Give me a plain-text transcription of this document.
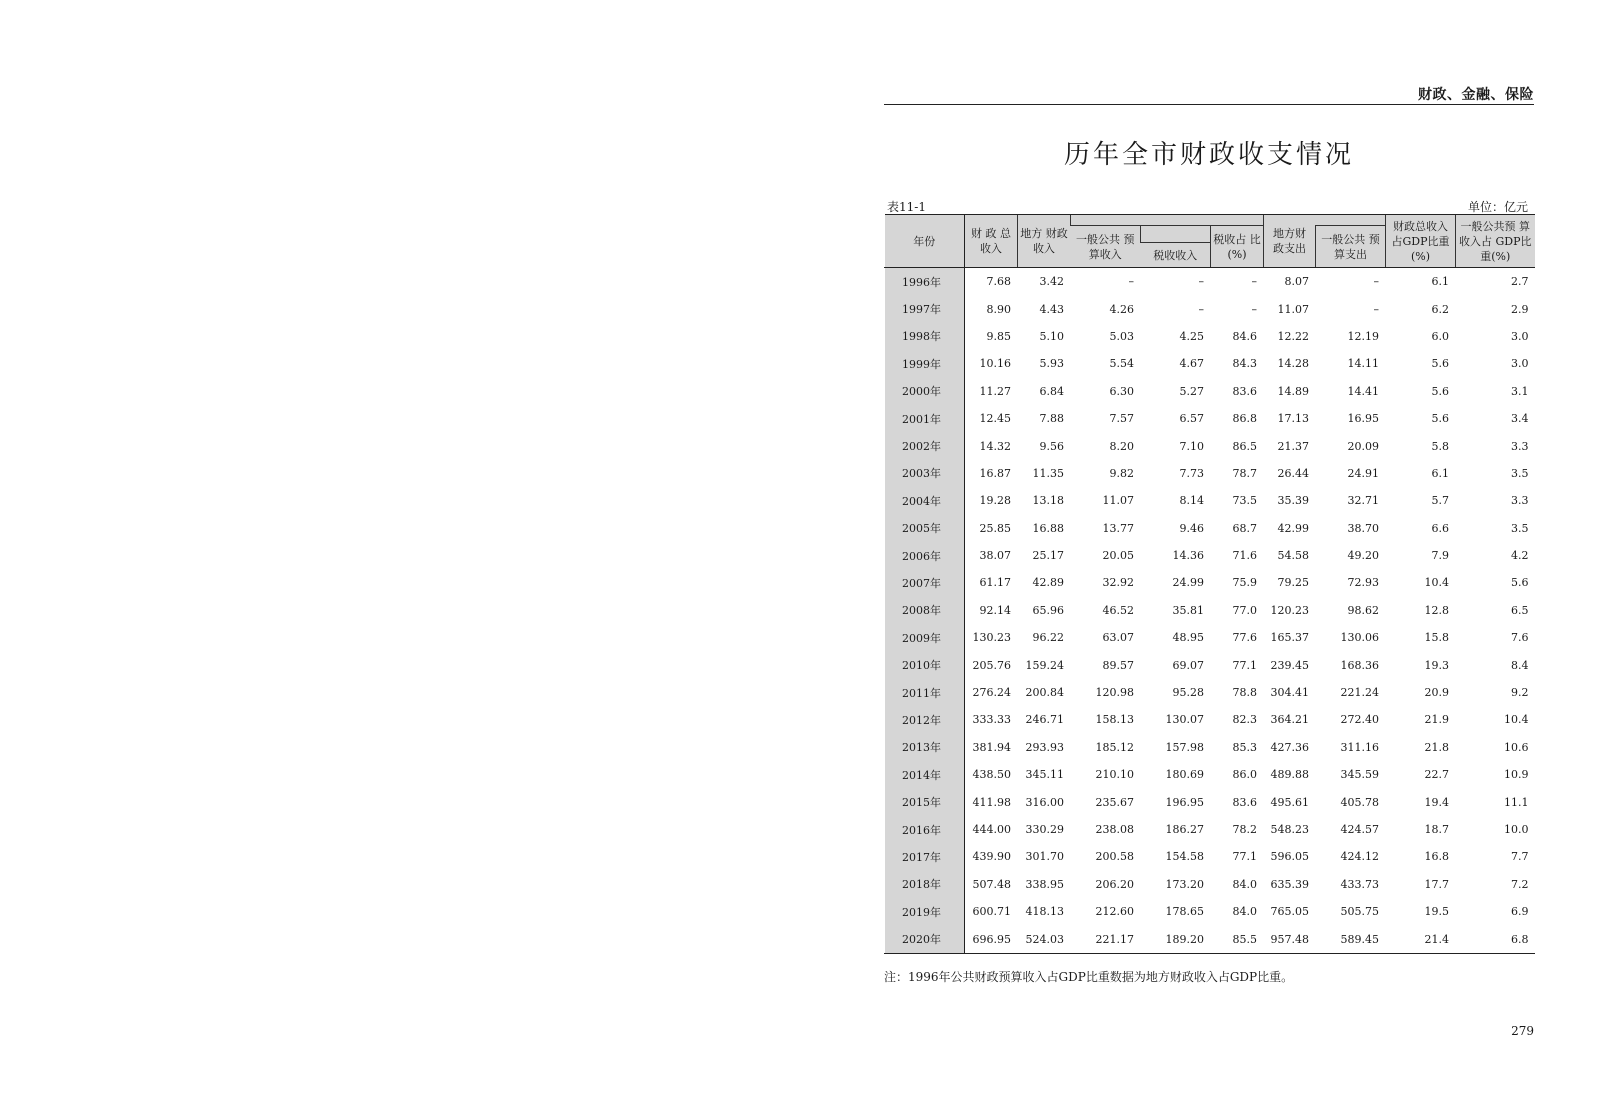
财政、金融、保险
历年全市财政收支情况
表11-1	单位：亿元
年份	财 政 总收入	地方 财政 收入				地方财 政支出		财政总收入 占GDP比重 (%)	一般公共预 算收入占 GDP比重(%)
			一般公共 预算收入		税收占 比(%)		一般公共 预算支出		
				税收收入					
1996年	7.68	3.42	–	–	–	8.07	–	6.1	2.7
1997年	8.90	4.43	4.26	–	–	11.07	–	6.2	2.9
1998年	9.85	5.10	5.03	4.25	84.6	12.22	12.19	6.0	3.0
1999年	10.16	5.93	5.54	4.67	84.3	14.28	14.11	5.6	3.0
2000年	11.27	6.84	6.30	5.27	83.6	14.89	14.41	5.6	3.1
2001年	12.45	7.88	7.57	6.57	86.8	17.13	16.95	5.6	3.4
2002年	14.32	9.56	8.20	7.10	86.5	21.37	20.09	5.8	3.3
2003年	16.87	11.35	9.82	7.73	78.7	26.44	24.91	6.1	3.5
2004年	19.28	13.18	11.07	8.14	73.5	35.39	32.71	5.7	3.3
2005年	25.85	16.88	13.77	9.46	68.7	42.99	38.70	6.6	3.5
2006年	38.07	25.17	20.05	14.36	71.6	54.58	49.20	7.9	4.2
2007年	61.17	42.89	32.92	24.99	75.9	79.25	72.93	10.4	5.6
2008年	92.14	65.96	46.52	35.81	77.0	120.23	98.62	12.8	6.5
2009年	130.23	96.22	63.07	48.95	77.6	165.37	130.06	15.8	7.6
2010年	205.76	159.24	89.57	69.07	77.1	239.45	168.36	19.3	8.4
2011年	276.24	200.84	120.98	95.28	78.8	304.41	221.24	20.9	9.2
2012年	333.33	246.71	158.13	130.07	82.3	364.21	272.40	21.9	10.4
2013年	381.94	293.93	185.12	157.98	85.3	427.36	311.16	21.8	10.6
2014年	438.50	345.11	210.10	180.69	86.0	489.88	345.59	22.7	10.9
2015年	411.98	316.00	235.67	196.95	83.6	495.61	405.78	19.4	11.1
2016年	444.00	330.29	238.08	186.27	78.2	548.23	424.57	18.7	10.0
2017年	439.90	301.70	200.58	154.58	77.1	596.05	424.12	16.8	7.7
2018年	507.48	338.95	206.20	173.20	84.0	635.39	433.73	17.7	7.2
2019年	600.71	418.13	212.60	178.65	84.0	765.05	505.75	19.5	6.9
2020年	696.95	524.03	221.17	189.20	85.5	957.48	589.45	21.4	6.8
注：1996年公共财政预算收入占GDP比重数据为地方财政收入占GDP比重。
279
